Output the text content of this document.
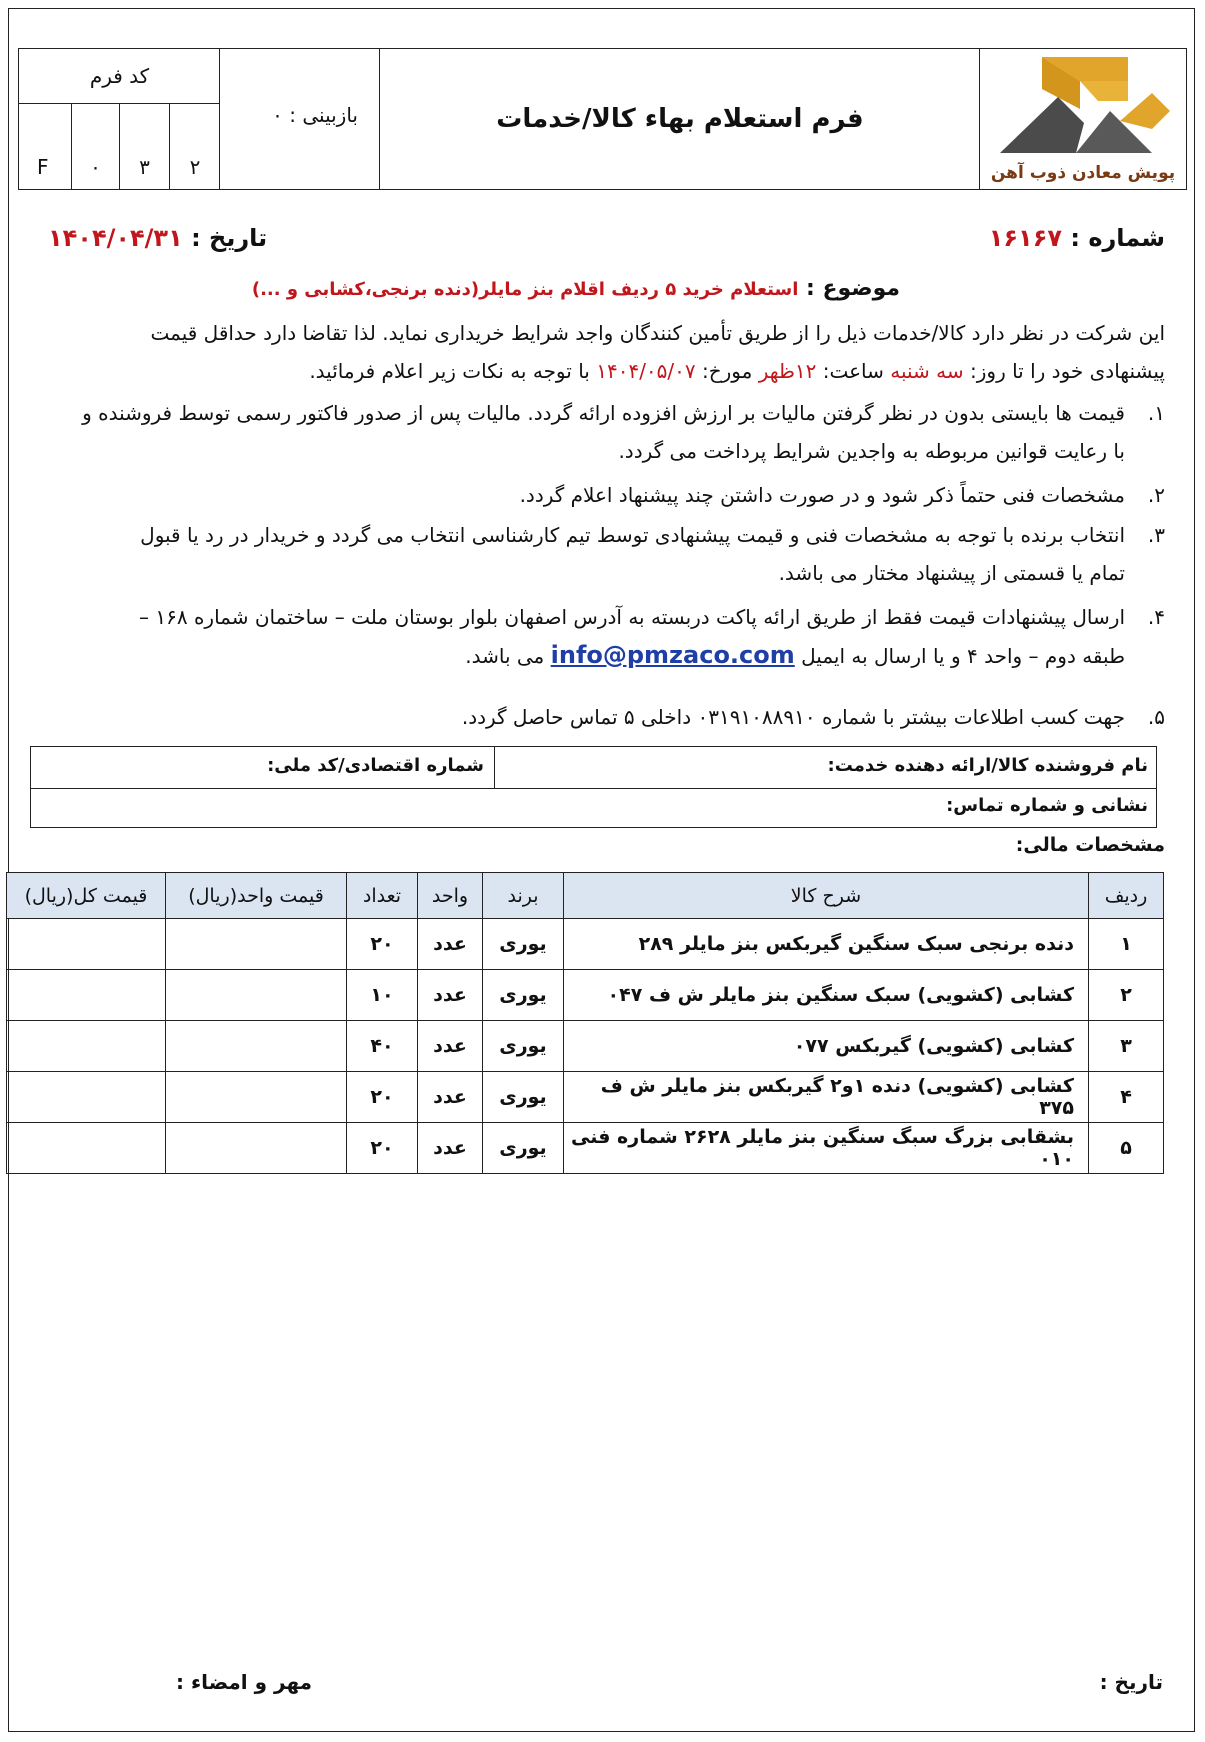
پویش معادن ذوب آهن
فرم استعلام بهاء کالا/خدمات
بازبینی : ۰
کد فرم
۲
۳
۰
F
شماره : ۱۶۱۶۷
تاریخ : ۱۴۰۴/۰۴/۳۱
موضوع : استعلام خرید ۵ ردیف اقلام بنز مایلر(دنده برنجی،کشابی و ...)
این شرکت در نظر دارد کالا/خدمات ذیل را از طریق تأمین کنندگان واجد شرایط خریداری نماید. لذا تقاضا دارد حداقل قیمت
پیشنهادی خود را تا روز: سه شنبه ساعت: ۱۲ظهر مورخ: ۱۴۰۴/۰۵/۰۷ با توجه به نکات زیر اعلام فرمائید.
۱.قیمت ها بایستی بدون در نظر گرفتن مالیات بر ارزش افزوده ارائه گردد. مالیات پس از صدور فاکتور رسمی توسط فروشنده و
با رعایت قوانین مربوطه به واجدین شرایط پرداخت می گردد.
۲.مشخصات فنی حتماً ذکر شود و در صورت داشتن چند پیشنهاد اعلام گردد.
۳.انتخاب برنده با توجه به مشخصات فنی و قیمت پیشنهادی توسط تیم کارشناسی انتخاب می گردد و خریدار در رد یا قبول
تمام یا قسمتی از پیشنهاد مختار می باشد.
۴.ارسال پیشنهادات قیمت فقط از طریق ارائه پاکت دربسته به آدرس اصفهان بلوار بوستان ملت – ساختمان شماره ۱۶۸ –
طبقه دوم – واحد ۴ و یا ارسال به ایمیل info@pmzaco.com می باشد.
۵.جهت کسب اطلاعات بیشتر با شماره ۰۳۱۹۱۰۸۸۹۱۰ داخلی ۵ تماس حاصل گردد.
نام فروشنده کالا/ارائه دهنده خدمت:
شماره اقتصادی/کد ملی:
نشانی و شماره تماس:
مشخصات مالی:
ردیف	شرح کالا	برند	واحد	تعداد	قیمت واحد(ریال)	قیمت کل(ریال)
۱	دنده برنجی سبک سنگین گیربکس بنز مایلر ۲۸۹	یوری	عدد	۲۰		
۲	کشابی (کشویی) سبک سنگین بنز مایلر ش ف ۰۴۷	یوری	عدد	۱۰		
۳	کشابی (کشویی) گیربکس ۰۷۷	یوری	عدد	۴۰		
۴	کشابی (کشویی) دنده ۱و۲ گیربکس بنز مایلر ش ف ۳۷۵	یوری	عدد	۲۰		
۵	بشقابی بزرگ سبگ سنگین بنز مایلر ۲۶۲۸ شماره فنی ۰۱۰	یوری	عدد	۲۰		
تاریخ :
مهر و امضاء :
